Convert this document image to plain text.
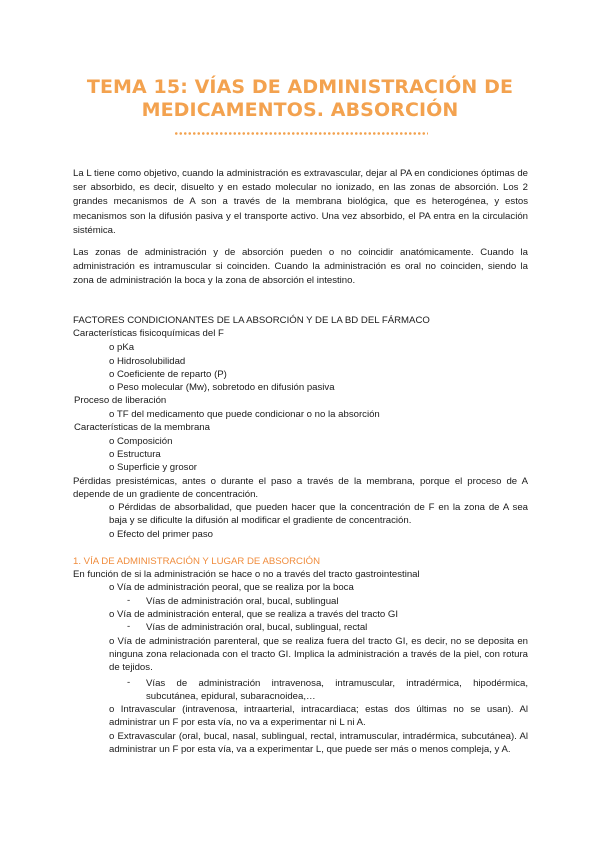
TEMA 15: VÍAS DE ADMINISTRACIÓN DE
MEDICAMENTOS. ABSORCIÓN

La L tiene como objetivo, cuando la administración es extravascular, dejar al PA en condiciones óptimas de ser absorbido, es decir, disuelto y en estado molecular no ionizado, en las zonas de absorción. Los 2 grandes mecanismos de A son a través de la membrana biológica, que es heterogénea, y estos mecanismos son la difusión pasiva y el transporte activo. Una vez absorbido, el PA entra en la circulación sistémica.

Las zonas de administración y de absorción pueden o no coincidir anatómicamente. Cuando la administración es intramuscular si coinciden. Cuando la administración es oral no coinciden, siendo la zona de administración la boca y la zona de absorción el intestino.

FACTORES CONDICIONANTES DE LA ABSORCIÓN Y DE LA BD DEL FÁRMACO
Características fisicoquímicas del F
o pKa
o Hidrosolubilidad
o Coeficiente de reparto (P)
o Peso molecular (Mw), sobretodo en difusión pasiva
Proceso de liberación
o TF del medicamento que puede condicionar o no la absorción
Características de la membrana
o Composición
o Estructura
o Superficie y grosor

Pérdidas presistémicas, antes o durante el paso a través de la membrana, porque el proceso de A depende de un gradiente de concentración.

o Pérdidas de absorbalidad, que pueden hacer que la concentración de F en la zona de A sea baja y se dificulte la difusión al modificar el gradiente de concentración.

o Efecto del primer paso
1. VÍA DE ADMINISTRACIÓN Y LUGAR DE ABSORCIÓN
En función de si la administración se hace o no a través del tracto gastrointestinal
o Vía de administración peoral, que se realiza por la boca
- Vías de administración oral, bucal, sublingual
o Vía de administración enteral, que se realiza a través del tracto GI
- Vías de administración oral, bucal, sublingual, rectal

o Vía de administración parenteral, que se realiza fuera del tracto GI, es decir, no se deposita en ninguna zona relacionada con el tracto GI. Implica la administración a través de la piel, con rotura de tejidos.

- Vías de administración intravenosa, intramuscular, intradérmica, hipodérmica, subcutánea, epidural, subaracnoidea,…

o Intravascular (intravenosa, intraarterial, intracardiaca; estas dos últimas no se usan). Al administrar un F por esta vía, no va a experimentar ni L ni A.

o Extravascular (oral, bucal, nasal, sublingual, rectal, intramuscular, intradérmica, subcutánea). Al administrar un F por esta vía, va a experimentar L, que puede ser más o menos compleja, y A.
